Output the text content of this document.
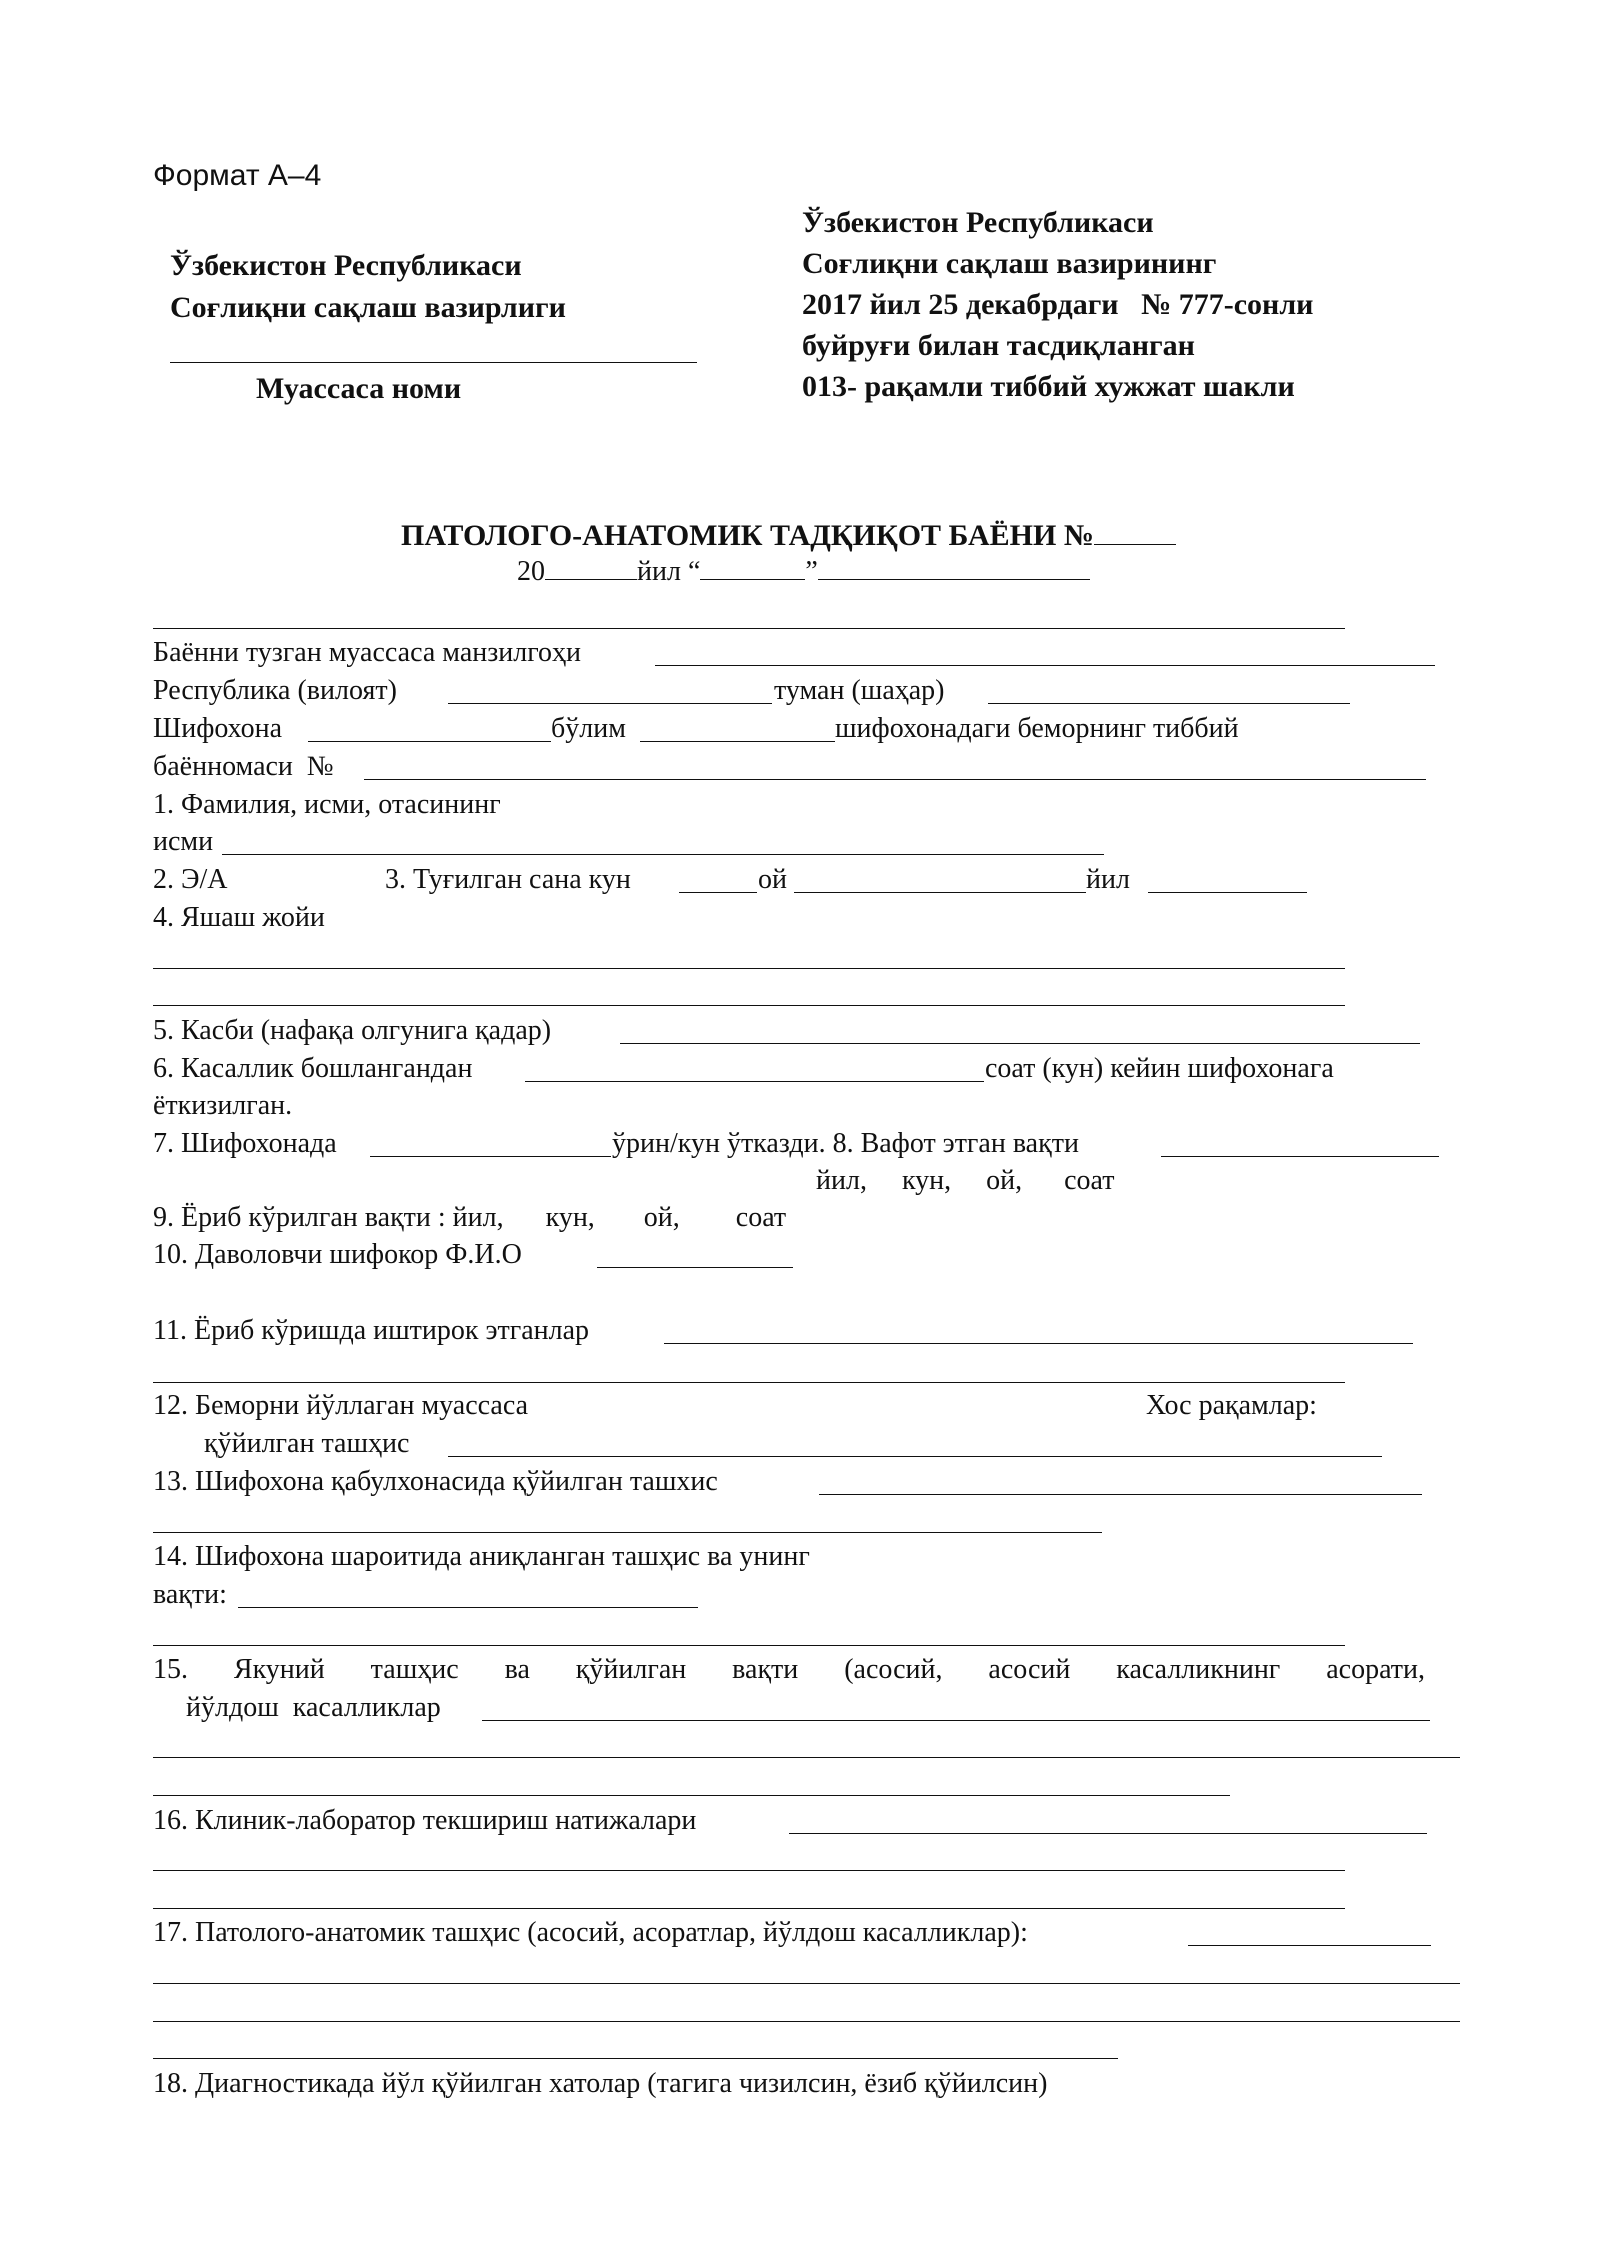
Формат А–4
Ўзбекистон Республикаси
Соғлиқни сақлаш вазирлиги
Муассаса номи
Ўзбекистон Республикаси
Соғлиқни сақлаш вазирининг
2017 йил 25 декабрдаги   № 777-сонли
буйруғи билан тасдиқланган
013- рақамли тиббий хужжат шакли

ПАТОЛОГО-АНАТОМИК ТАДҚИҚОТ БАЁНИ №

20	йил “	”

Баённи тузган муассаса манзилгоҳи
Республика (вилоят)	туман (шаҳар)
Шифохона	бўлим	шифохонадаги беморнинг тиббий
баённомаси  №
1. Фамилия, исми, отасининг
исми
2. Э/А	3. Туғилган сана кун	ой	йил
4. Яшаш жойи
5. Касби (нафақа олгунига қадар)
6. Касаллик бошлангандан	соат (кун) кейин шифохонага
ёткизилган.
7. Шифохонада	ўрин/кун ўтказди. 8. Вафот этган вақти
йил,     кун,     ой,      соат
9. Ёриб кўрилган вақти : йил,      кун,       ой,        соат
10. Даволовчи шифокор Ф.И.О
11. Ёриб кўришда иштирок этганлар
12. Беморни йўллаган муассаса	Хос рақамлар:
қўйилган ташҳис
13. Шифохона қабулхонасида қўйилган ташхис
14. Шифохона шароитида аниқланган ташҳис ва унинг
вақти:
15. Якуний ташҳис ва қўйилган вақти (асосий, асосий касалликнинг асорати,
йўлдош  касалликлар
16. Клиник-лаборатор текшириш натижалари
17. Патолого-анатомик ташҳис (асосий, асоратлар, йўлдош касалликлар):
18. Диагностикада йўл қўйилган хатолар (тагига чизилсин, ёзиб қўйилсин)
